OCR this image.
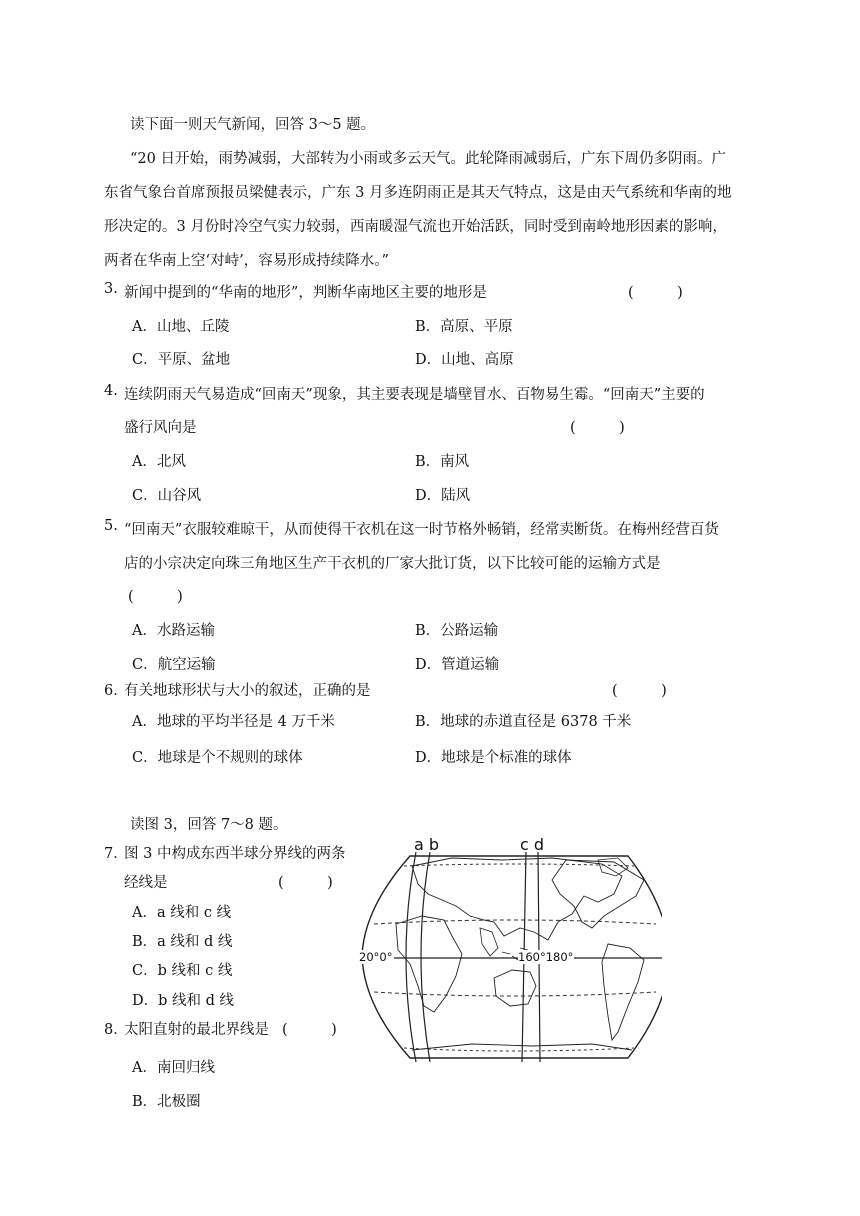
读下面一则天气新闻，回答 3～5 题。
“20 日开始，雨势减弱，大部转为小雨或多云天气。此轮降雨减弱后，广东下周仍多阴雨。广
东省气象台首席预报员梁健表示，广东 3 月多连阴雨正是其天气特点，这是由天气系统和华南的地
形决定的。3 月份时冷空气实力较弱，西南暖湿气流也开始活跃，同时受到南岭地形因素的影响，
两者在华南上空‘对峙’，容易形成持续降水。”
3. 新闻中提到的“华南的地形”，判断华南地区主要的地形是	(　　　)
A．山地、丘陵	B．高原、平原
C．平原、盆地	D．山地、高原
4. 连续阴雨天气易造成“回南天”现象，其主要表现是墙壁冒水、百物易生霉。“回南天”主要的
盛行风向是	(　　　)
A．北风	B．南风
C．山谷风	D．陆风
5. “回南天”衣服较难晾干，从而使得干衣机在这一时节格外畅销，经常卖断货。在梅州经营百货
店的小宗决定向珠三角地区生产干衣机的厂家大批订货，以下比较可能的运输方式是
(　　　)
A．水路运输	B．公路运输
C．航空运输	D．管道运输
6．
有关地球形状与大小的叙述，正确的是	(　　　)
A．地球的平均半径是 4 万千米	B．地球的赤道直径是 6378 千米
C．地球是个不规则的球体	D．地球是个标准的球体
读图 3，回答 7～8 题。
7．
图 3 中构成东西半球分界线的两条
经线是	(　　　)
A．a 线和 c 线
B．a 线和 d 线
C．b 线和 c 线
D．b 线和 d 线
8．
太阳直射的最北界线是 (　　　)
A．南回归线
B．北极圈
a b	c d
20°0°	160°180°
